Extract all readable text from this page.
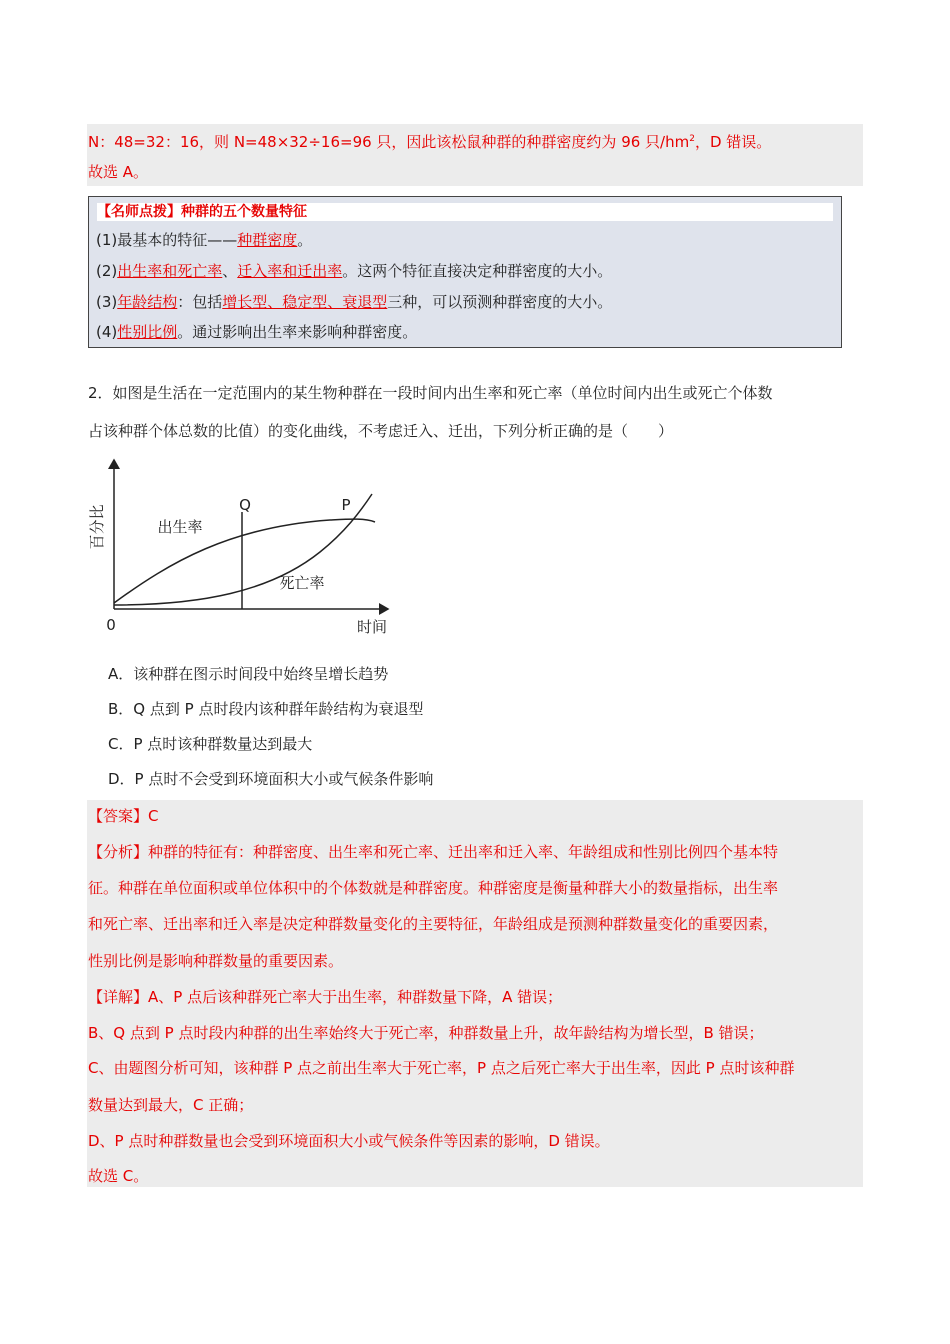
N：48=32：16，则 N=48×32÷16=96 只，因此该松鼠种群的种群密度约为 96 只$/hm^2$，D 错误。
故选 A。
【名师点拨】种群的五个数量特征
(1)最基本的特征——种群密度。
(2)出生率和死亡率、迁入率和迁出率。这两个特征直接决定种群密度的大小。
(3)年龄结构：包括增长型、稳定型、衰退型三种，可以预测种群密度的大小。
(4)性别比例。通过影响出生率来影响种群密度。
2．如图是生活在一定范围内的某生物种群在一段时间内出生率和死亡率（单位时间内出生或死亡个体数
占该种群个体总数的比值）的变化曲线，不考虑迁入、迁出，下列分析正确的是（　　）
百分比
时间
0
Q	P
出生率
死亡率
A．该种群在图示时间段中始终呈增长趋势
B．Q 点到 P 点时段内该种群年龄结构为衰退型
C．P 点时该种群数量达到最大
D．P 点时不会受到环境面积大小或气候条件影响
【答案】C
【分析】种群的特征有：种群密度、出生率和死亡率、迁出率和迁入率、年龄组成和性别比例四个基本特
征。种群在单位面积或单位体积中的个体数就是种群密度。种群密度是衡量种群大小的数量指标，出生率
和死亡率、迁出率和迁入率是决定种群数量变化的主要特征，年龄组成是预测种群数量变化的重要因素，
性别比例是影响种群数量的重要因素。
【详解】A、P 点后该种群死亡率大于出生率，种群数量下降，A 错误；
B、Q 点到 P 点时段内种群的出生率始终大于死亡率，种群数量上升，故年龄结构为增长型，B 错误；
C、由题图分析可知，该种群 P 点之前出生率大于死亡率，P 点之后死亡率大于出生率，因此 P 点时该种群
数量达到最大，C 正确；
D、P 点时种群数量也会受到环境面积大小或气候条件等因素的影响，D 错误。
故选 C。
